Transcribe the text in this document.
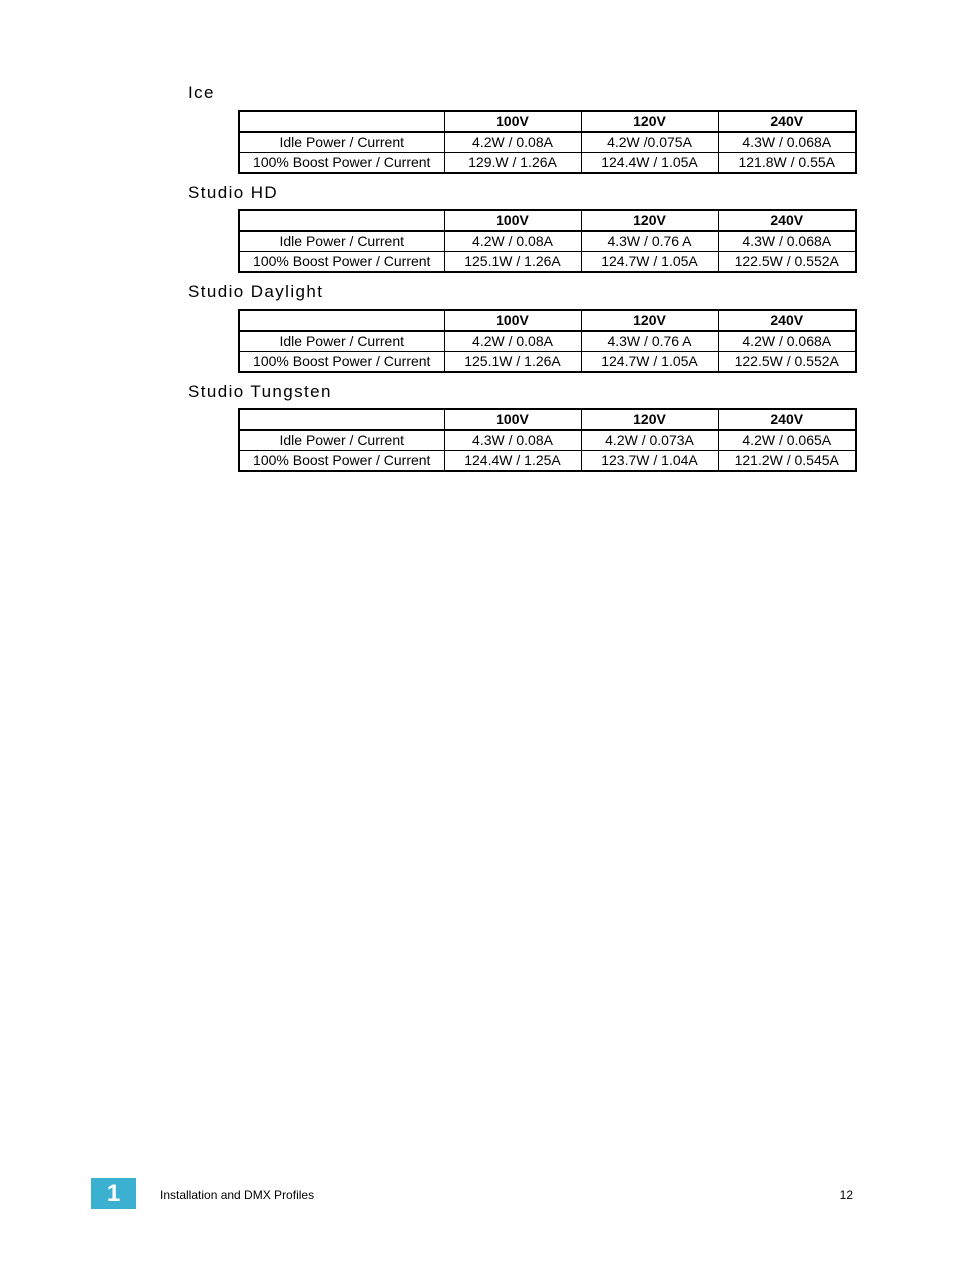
Ice
	100V	120V	240V
Idle Power / Current	4.2W / 0.08A	4.2W /0.075A	4.3W / 0.068A
100% Boost Power / Current	129.W / 1.26A	124.4W / 1.05A	121.8W / 0.55A
Studio HD
	100V	120V	240V
Idle Power / Current	4.2W / 0.08A	4.3W / 0.76 A	4.3W / 0.068A
100% Boost Power / Current	125.1W / 1.26A	124.7W / 1.05A	122.5W / 0.552A
Studio Daylight
	100V	120V	240V
Idle Power / Current	4.2W / 0.08A	4.3W / 0.76 A	4.2W / 0.068A
100% Boost Power / Current	125.1W / 1.26A	124.7W / 1.05A	122.5W / 0.552A
Studio Tungsten
	100V	120V	240V
Idle Power / Current	4.3W / 0.08A	4.2W / 0.073A	4.2W / 0.065A
100% Boost Power / Current	124.4W / 1.25A	123.7W / 1.04A	121.2W / 0.545A
1	Installation and DMX Profiles	12
